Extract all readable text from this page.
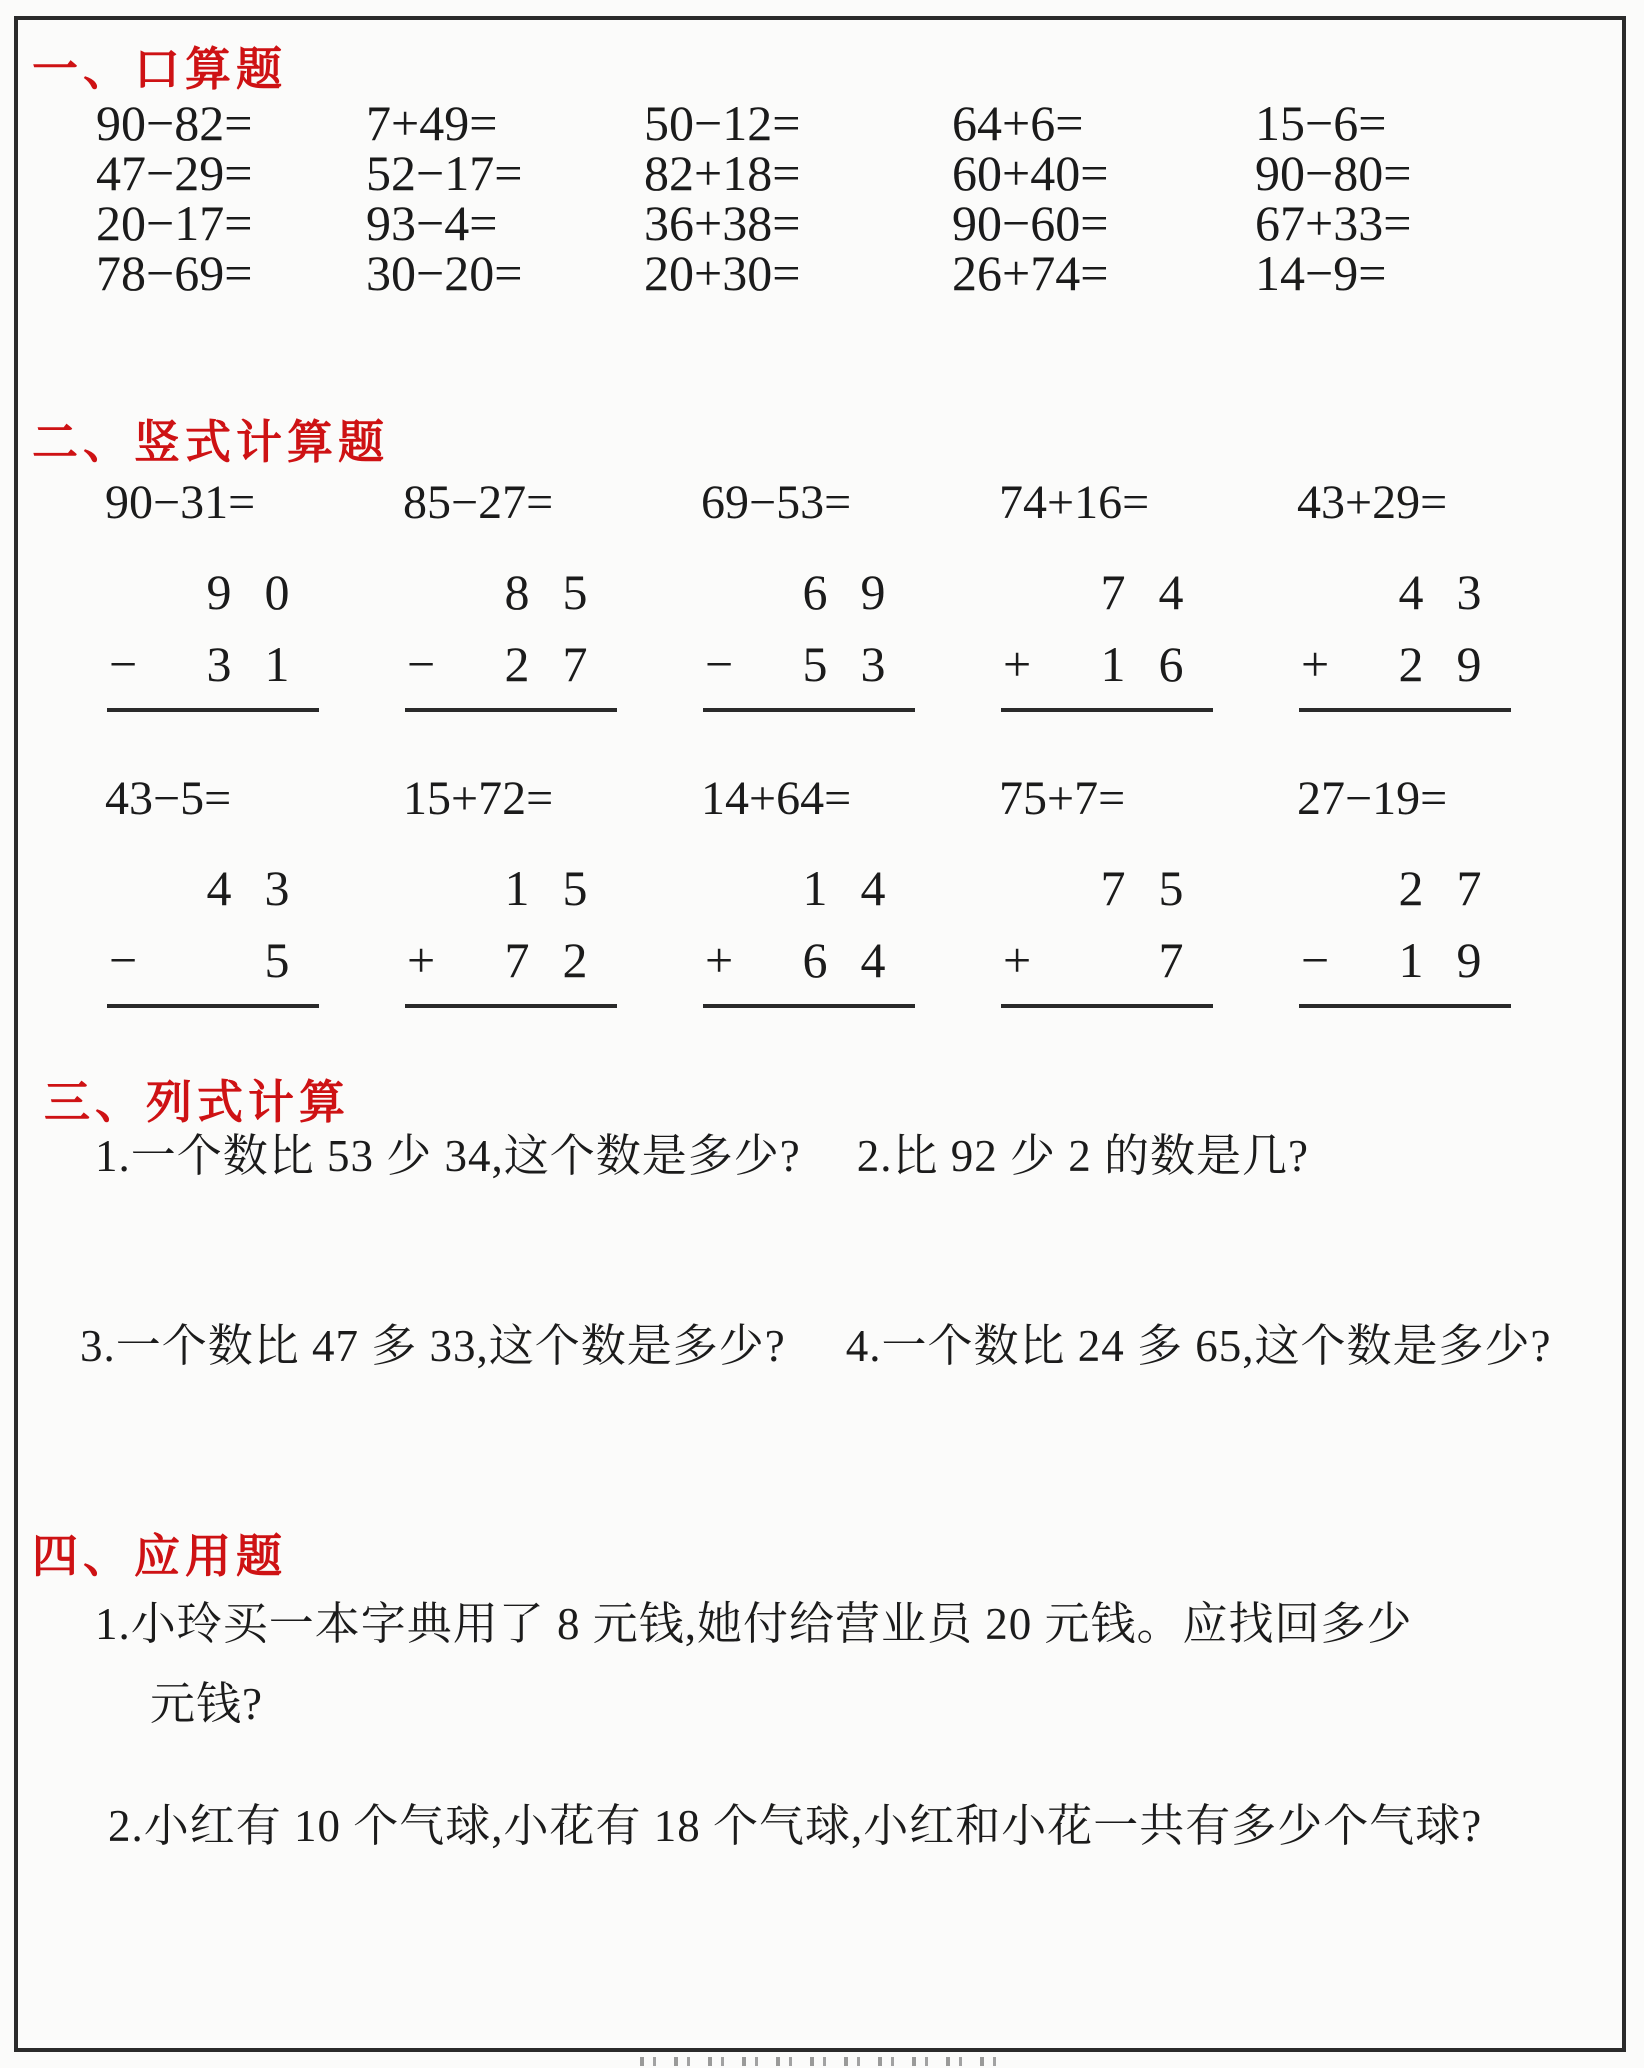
一、口算题
90−82=	7+49=	50−12=	64+6=	15−6=
47−29=	52−17=	82+18=	60+40=	90−80=
20−17=	93−4=	36+38=	90−60=	67+33=
78−69=	30−20=	20+30=	26+74=	14−9=
二、竖式计算题
90−31=
9 0
−	3 1
85−27=
8 5
−	2 7
69−53=
6 9
−	5 3
74+16=
7 4
+	1 6
43+29=
4 3
+	2 9
43−5=
4 3
−	5
15+72=
1 5
+	7 2
14+64=
1 4
+	6 4
75+7=
7 5
+	7
27−19=
2 7
−	1 9
三、列式计算
1.一个数比 53 少 34,这个数是多少? 2.比 92 少 2 的数是几?
3.一个数比 47 多 33,这个数是多少? 4.一个数比 24 多 65,这个数是多少?
四、应用题
1.小玲买一本字典用了 8 元钱,她付给营业员 20 元钱。应找回多少
元钱?
2.小红有 10 个气球,小花有 18 个气球,小红和小花一共有多少个气球?
